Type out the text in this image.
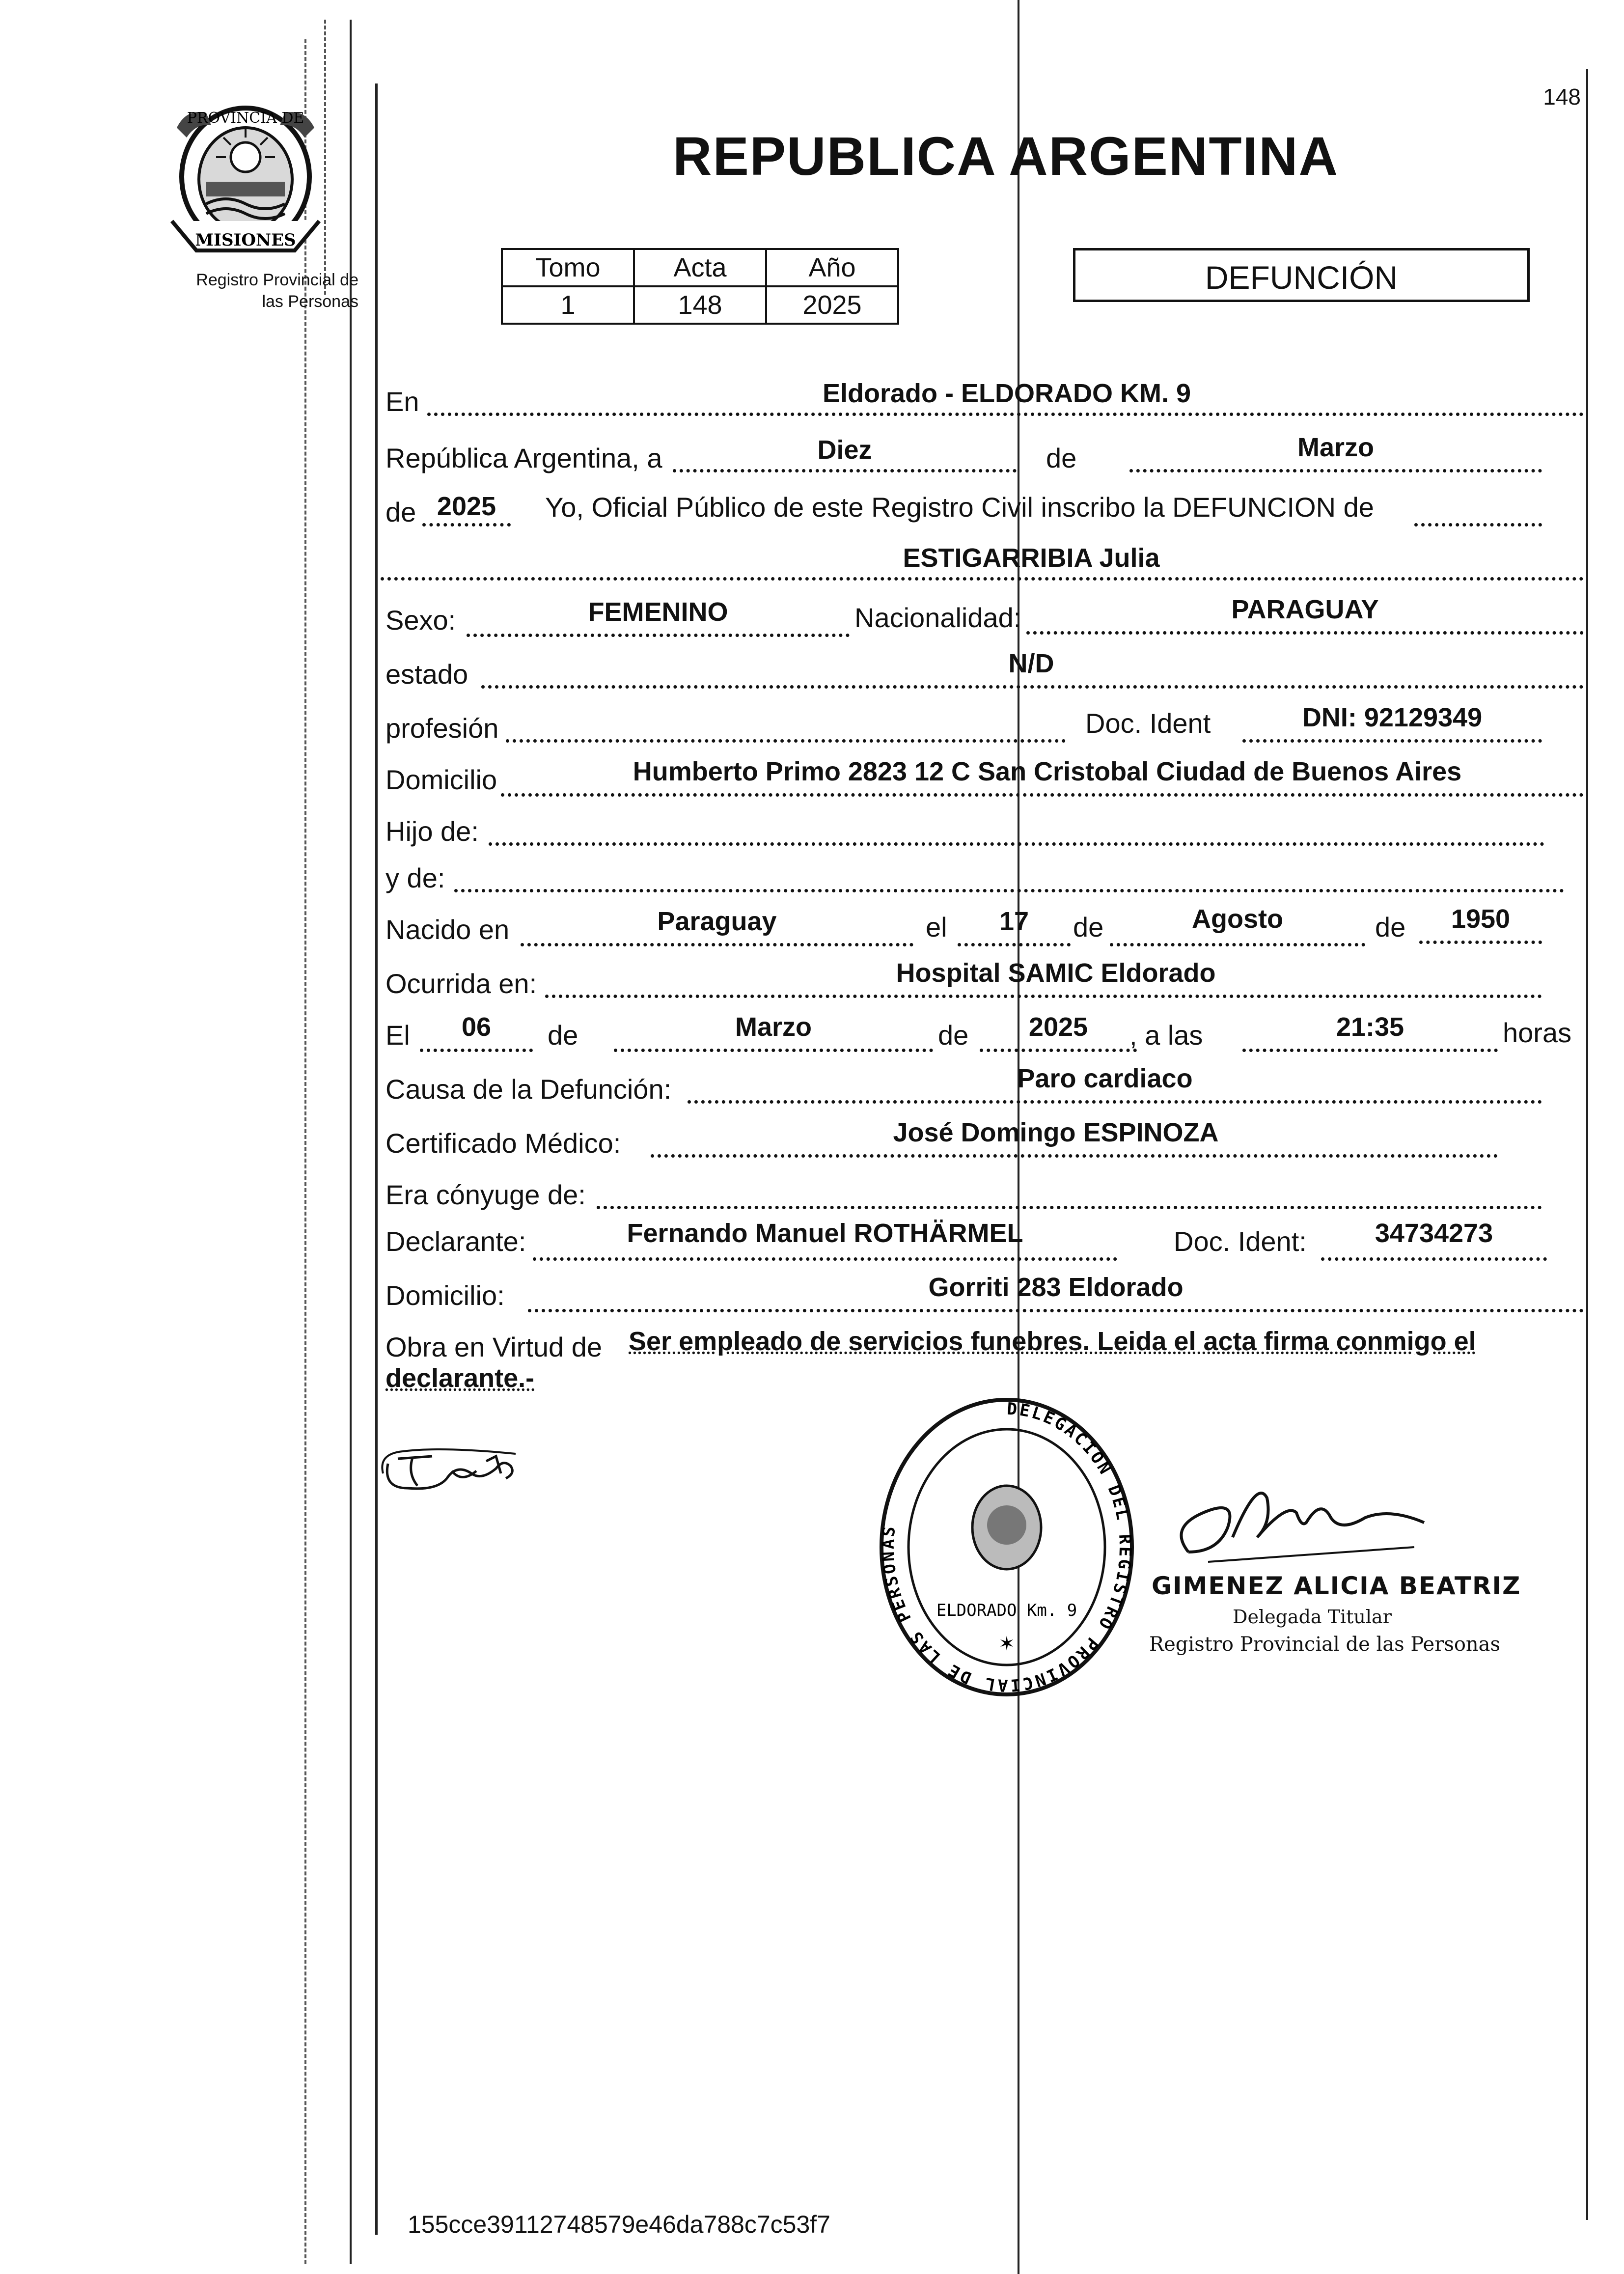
PROVINCIA DE
MISIONES
Registro Provincial de
las Personas
148
REPUBLICA ARGENTINA
Tomo	Acta	Año
1	148	2025
DEFUNCIÓN
En	Eldorado - ELDORADO KM. 9
República Argentina, a	Diez	de	Marzo
de 2025	Yo, Oficial Público de este Registro Civil inscribo la DEFUNCION de
ESTIGARRIBIA Julia
Sexo:	FEMENINO	Nacionalidad:	PARAGUAY
estado	N/D
profesión	Doc. Ident	DNI: 92129349
Domicilio	Humberto Primo 2823 12 C San Cristobal Ciudad de Buenos Aires
Hijo de:
y de:
Nacido en	Paraguay	el	17	de	Agosto	de	1950
Ocurrida en:	Hospital SAMIC Eldorado
El	06	de	Marzo	de	2025	, a las	21:35	horas
Causa de la Defunción:	Paro cardiaco
Certificado Médico:	José Domingo ESPINOZA
Era cónyuge de:
Declarante:	Fernando Manuel ROTHÄRMEL	Doc. Ident:	34734273
Domicilio:	Gorriti 283 Eldorado
Obra en Virtud de Ser empleado de servicios funebres. Leida el acta firma conmigo el
declarante.-
DELEGACION DEL REGISTRO PROVINCIAL DE LAS PERSONAS
ELDORADO Km. 9
✶
GIMENEZ ALICIA BEATRIZ
Delegada Titular
Registro Provincial de las Personas
155cce39112748579e46da788c7c53f7
